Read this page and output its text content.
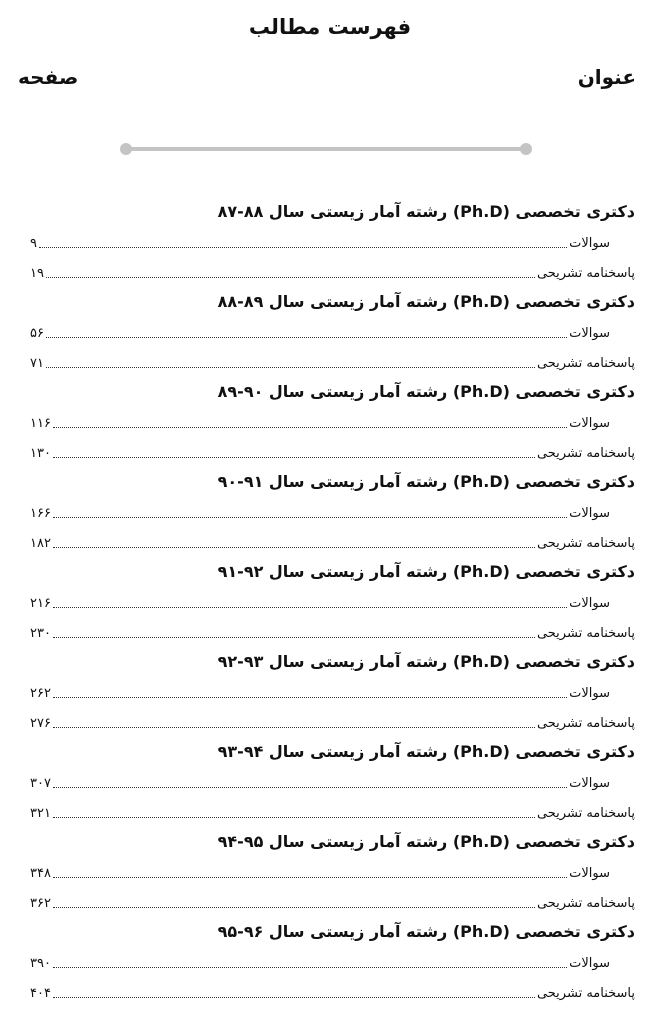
فهرست مطالب
عنوان
صفحه
دکتری تخصصی (Ph.D) رشته آمار زیستی سال ۸۸-۸۷
۹	سوالات
۱۹	پاسخنامه تشریحی
دکتری تخصصی (Ph.D) رشته آمار زیستی سال ۸۹-۸۸
۵۶	سوالات
۷۱	پاسخنامه تشریحی
دکتری تخصصی (Ph.D) رشته آمار زیستی سال ۹۰-۸۹
۱۱۶	سوالات
۱۳۰	پاسخنامه تشریحی
دکتری تخصصی (Ph.D) رشته آمار زیستی سال ۹۱-۹۰
۱۶۶	سوالات
۱۸۲	پاسخنامه تشریحی
دکتری تخصصی (Ph.D) رشته آمار زیستی سال ۹۲-۹۱
۲۱۶	سوالات
۲۳۰	پاسخنامه تشریحی
دکتری تخصصی (Ph.D) رشته آمار زیستی سال ۹۳-۹۲
۲۶۲	سوالات
۲۷۶	پاسخنامه تشریحی
دکتری تخصصی (Ph.D) رشته آمار زیستی سال ۹۴-۹۳
۳۰۷	سوالات
۳۲۱	پاسخنامه تشریحی
دکتری تخصصی (Ph.D) رشته آمار زیستی سال ۹۵-۹۴
۳۴۸	سوالات
۳۶۲	پاسخنامه تشریحی
دکتری تخصصی (Ph.D) رشته آمار زیستی سال ۹۶-۹۵
۳۹۰	سوالات
۴۰۴	پاسخنامه تشریحی
